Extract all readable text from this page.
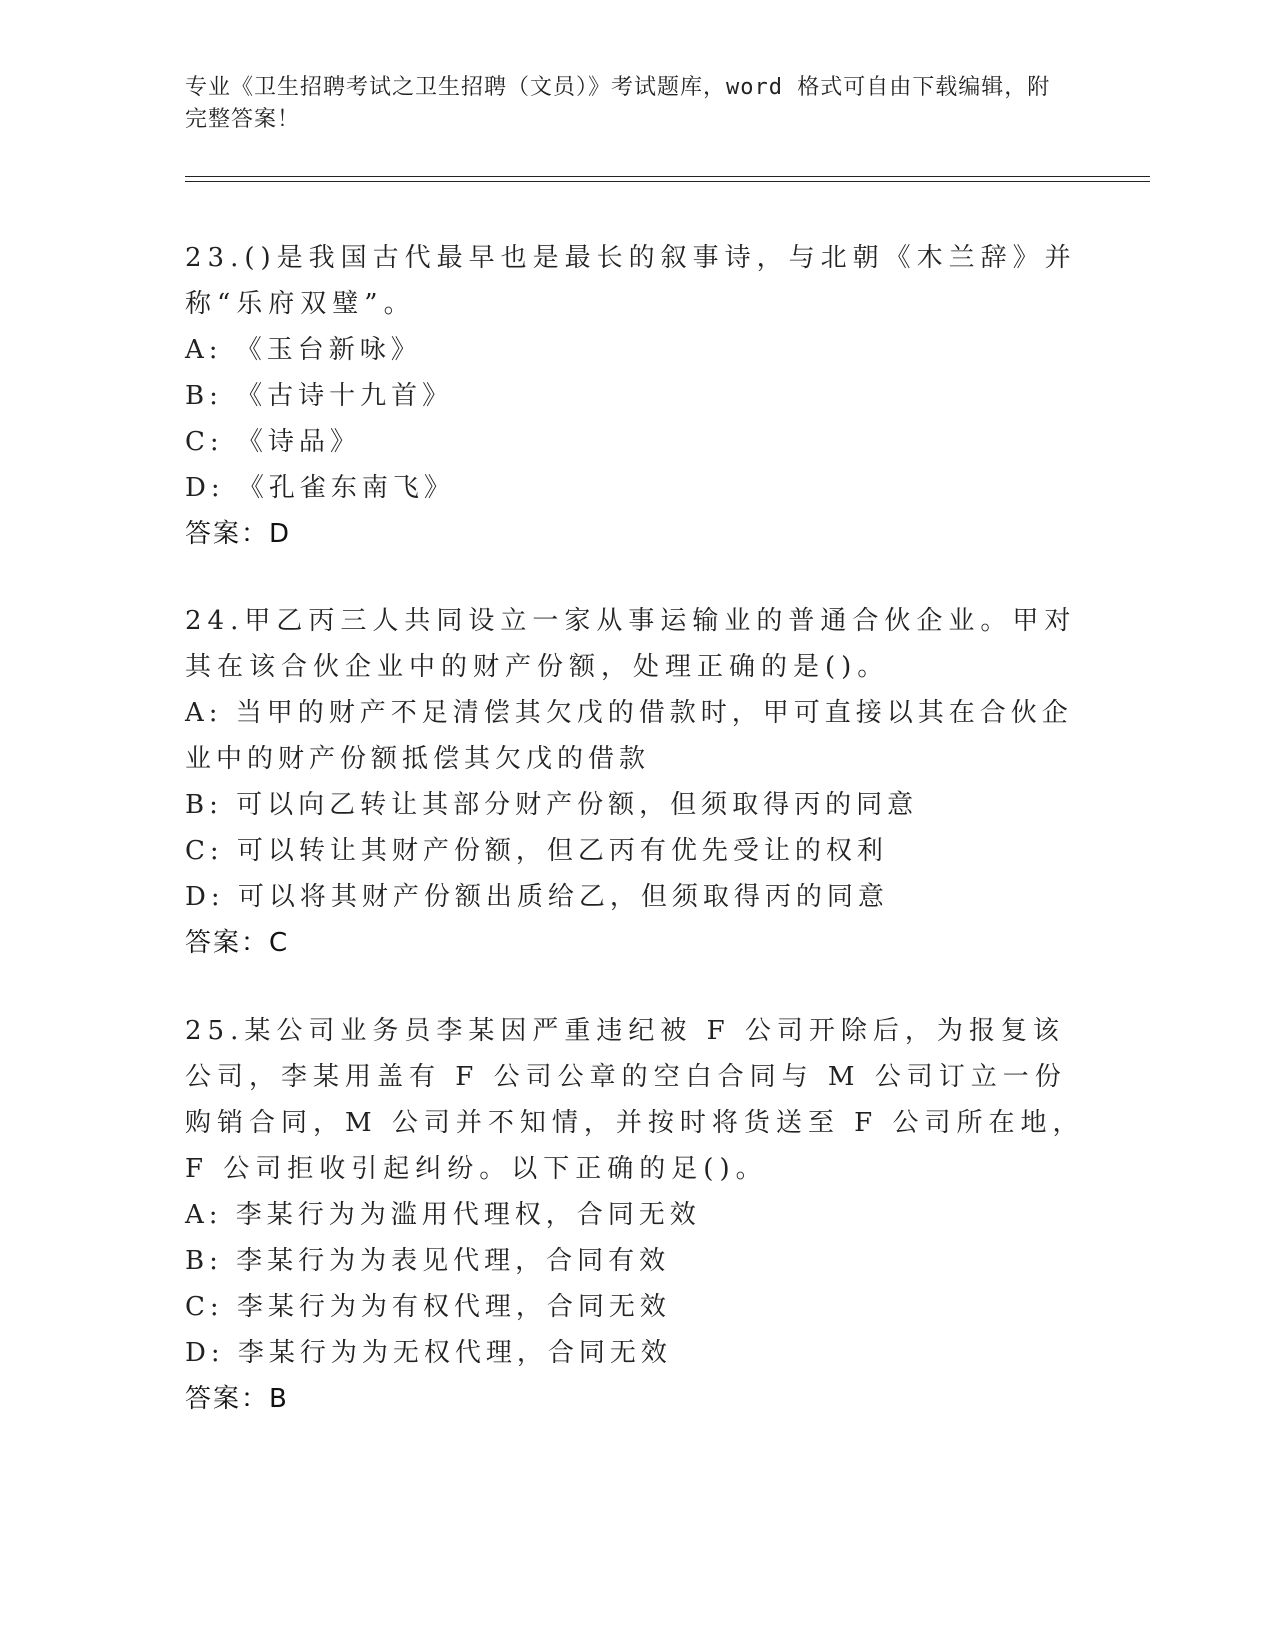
专业《卫生招聘考试之卫生招聘（文员）》考试题库，word 格式可自由下载编辑，附完整答案！
23.()是我国古代最早也是最长的叙事诗，与北朝《木兰辞》并称“乐府双璧”。
A: 《玉台新咏》
B: 《古诗十九首》
C: 《诗品》
D: 《孔雀东南飞》
答案：D
24.甲乙丙三人共同设立一家从事运输业的普通合伙企业。甲对其在该合伙企业中的财产份额，处理正确的是()。
A: 当甲的财产不足清偿其欠戊的借款时，甲可直接以其在合伙企业中的财产份额抵偿其欠戊的借款
B: 可以向乙转让其部分财产份额，但须取得丙的同意
C: 可以转让其财产份额，但乙丙有优先受让的权利
D: 可以将其财产份额出质给乙，但须取得丙的同意
答案：C
25.某公司业务员李某因严重违纪被 F 公司开除后，为报复该公司，李某用盖有 F 公司公章的空白合同与 M 公司订立一份购销合同，M 公司并不知情，并按时将货送至 F 公司所在地，F 公司拒收引起纠纷。以下正确的足()。
A: 李某行为为滥用代理权，合同无效
B: 李某行为为表见代理，合同有效
C: 李某行为为有权代理，合同无效
D: 李某行为为无权代理，合同无效
答案：B
